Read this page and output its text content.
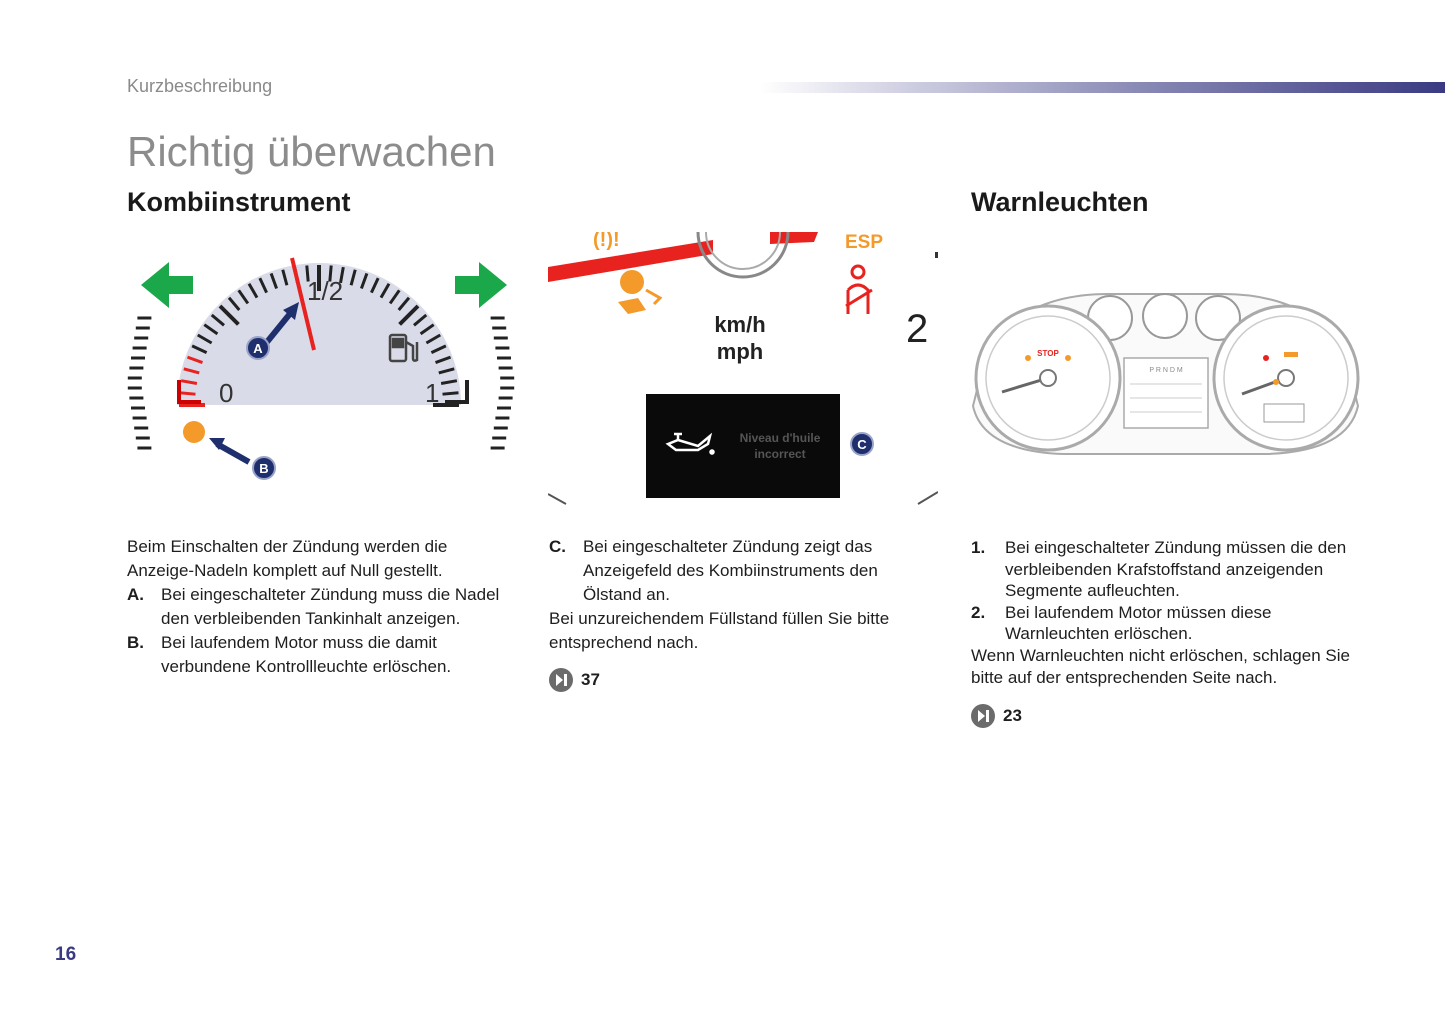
Kurzbeschreibung
Richtig überwachen
Kombiinstrument
0
1/2
1
A
B
Beim Einschalten der Zündung werden die Anzeige-Nadeln komplett auf Null gestellt.
A.	Bei eingeschalteter Zündung muss die Nadel den verbleibenden Tankinhalt anzeigen.
B.	Bei laufendem Motor muss die damit verbundene Kontrollleuchte erlöschen.
(!)!	ESP
km/h
mph
2
Niveau d'huile
incorrect
C
C.	Bei eingeschalteter Zündung zeigt das Anzeigefeld des Kombiinstruments den Ölstand an.
Bei unzureichendem Füllstand füllen Sie bitte entsprechend nach.
37
Warnleuchten
STOP
P R N D M
1.	Bei eingeschalteter Zündung müssen die den verbleibenden Krafstoffstand anzeigenden Segmente aufleuchten.
2.	Bei laufendem Motor müssen diese Warnleuchten erlöschen.
Wenn Warnleuchten nicht erlöschen, schlagen Sie bitte auf der entsprechenden Seite nach.
23
16
